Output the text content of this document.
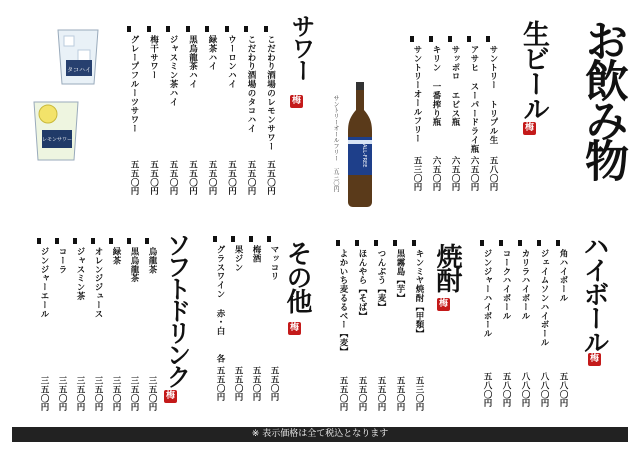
お飲み物
生ビール
梅
サントリー トリプル生
五八〇円
アサヒ スーパードライ瓶
六五〇円
サッポロ エビス瓶
六五〇円
キリン 一番搾り瓶
六五〇円
サントリーオールフリー
五三〇円
ALL-FREE
サントリーオールフリー 五三〇円
サワー
梅
こだわり酒場のレモンサワー
五五〇円
こだわり酒場のタコハイ
五五〇円
ウーロンハイ
五五〇円
緑茶ハイ
五五〇円
黒烏龍茶ハイ
五五〇円
ジャスミン茶ハイ
五五〇円
梅干サワー
五五〇円
グレープフルーツサワー
五五〇円
タコハイ
レモンサワー
ハイボール
梅
角ハイボール
五八〇円
ジェイムソンハイボール
八八〇円
カリラハイボール
八八〇円
コークハイボール
五八〇円
ジンジャーハイボール
五八〇円
焼酎
梅
キンミヤ焼酎【甲類】
五三〇円
黒霧島【芋】
五五〇円
つんぷう【麦】
五五〇円
ほんやら【そば】
五五〇円
よかいち麦るるべー【麦】
五五〇円
その他
梅
マッコリ
五五〇円
梅酒
五五〇円
果ジン
五五〇円
グラスワイン 赤・白
各
五五〇円
ソフトドリンク
梅
烏龍茶
三五〇円
黒烏龍茶
三五〇円
緑茶
三五〇円
オレンジジュース
三五〇円
ジャスミン茶
三五〇円
コーラ
三五〇円
ジンジャーエール
三五〇円
※ 表示価格は全て税込となります
